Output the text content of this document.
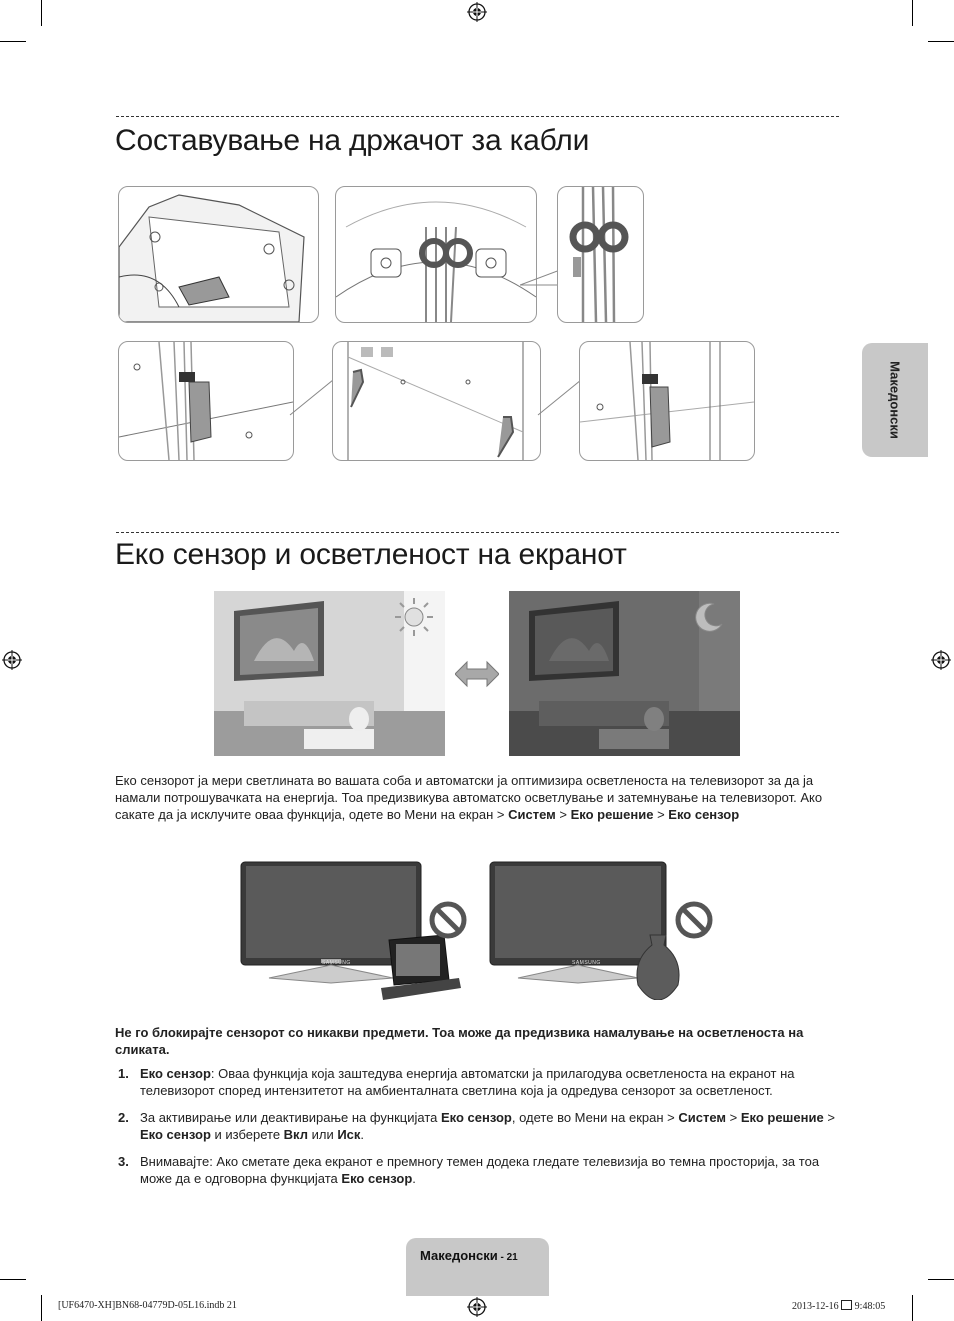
Составување на држачот за кабли
Македонски
Еко сензор и осветленост на екранот

Еко сензорот ја мери светлината во вашата соба и автоматски ја оптимизира осветленоста на телевизорот за да ја намали потрошувачката на енергија. Тоа предизвикува автоматско осветлување и затемнување на телевизорот. Ако сакате да ја исклучите оваа функција, одете во Мени на екран > Систем > Еко решение > Еко сензор

SAMSUNG	SAMSUNG

Не го блокирајте сензорот со никакви предмети. Тоа може да предизвика намалување на осветленоста на сликата.

1. Еко сензор: Оваа функција која заштедува енергија автоматски ја прилагодува осветленоста на екранот на телевизорот според интензитетот на амбиенталната светлина која ја одредува сензорот за осветленост.
2. За активирање или деактивирање на функцијата Еко сензор, одете во Мени на екран > Систем > Еко решение > Еко сензор и изберете Вкл или Иск.
3. Внимавајте: Ако сметате дека екранот е премногу темен додека гледате телевизија во темна просторија, за тоа може да е одговорна функцијата Еко сензор.
Македонски - 21
[UF6470-XH]BN68-04779D-05L16.indb 21	2013-12-16  9:48:05
